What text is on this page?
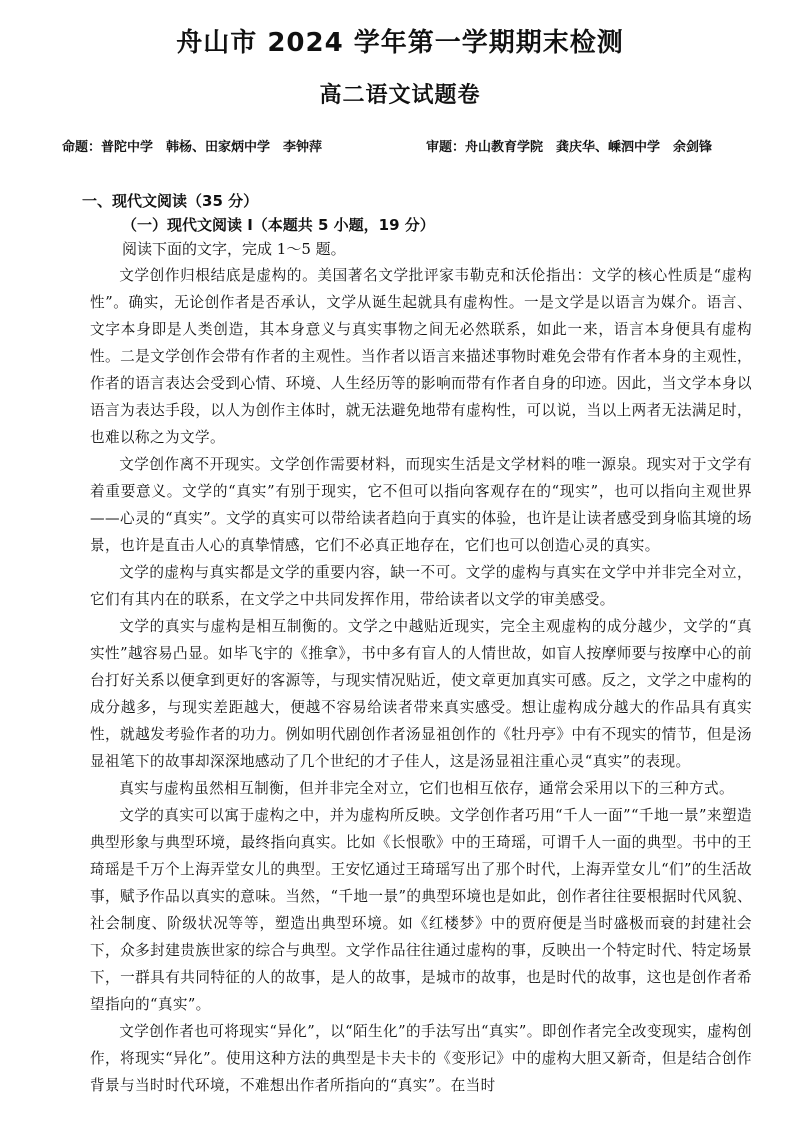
舟山市 2024 学年第一学期期末检测
高二语文试题卷
命题：普陀中学　韩杨、田家炳中学　李钟萍	审题：舟山教育学院　龚庆华、嵊泗中学　余剑锋
一、现代文阅读（35 分）
（一）现代文阅读 I（本题共 5 小题，19 分）
阅读下面的文字，完成 1～5 题。

文学创作归根结底是虚构的。美国著名文学批评家韦勒克和沃伦指出：文学的核心性质是“虚构性”。确实，无论创作者是否承认，文学从诞生起就具有虚构性。一是文学是以语言为媒介。语言、文字本身即是人类创造，其本身意义与真实事物之间无必然联系，如此一来，语言本身便具有虚构性。二是文学创作会带有作者的主观性。当作者以语言来描述事物时难免会带有作者本身的主观性，作者的语言表达会受到心情、环境、人生经历等的影响而带有作者自身的印迹。因此，当文学本身以语言为表达手段，以人为创作主体时，就无法避免地带有虚构性，可以说，当以上两者无法满足时，也难以称之为文学。

文学创作离不开现实。文学创作需要材料，而现实生活是文学材料的唯一源泉。现实对于文学有着重要意义。文学的“真实”有别于现实，它不但可以指向客观存在的“现实”，也可以指向主观世界——心灵的“真实”。文学的真实可以带给读者趋向于真实的体验，也许是让读者感受到身临其境的场景，也许是直击人心的真挚情感，它们不必真正地存在，它们也可以创造心灵的真实。

文学的虚构与真实都是文学的重要内容，缺一不可。文学的虚构与真实在文学中并非完全对立，它们有其内在的联系，在文学之中共同发挥作用，带给读者以文学的审美感受。

文学的真实与虚构是相互制衡的。文学之中越贴近现实，完全主观虚构的成分越少，文学的“真实性”越容易凸显。如毕飞宇的《推拿》，书中多有盲人的人情世故，如盲人按摩师要与按摩中心的前台打好关系以便拿到更好的客源等，与现实情况贴近，使文章更加真实可感。反之，文学之中虚构的成分越多，与现实差距越大，便越不容易给读者带来真实感受。想让虚构成分越大的作品具有真实性，就越发考验作者的功力。例如明代剧创作者汤显祖创作的《牡丹亭》中有不现实的情节，但是汤显祖笔下的故事却深深地感动了几个世纪的才子佳人，这是汤显祖注重心灵“真实”的表现。

真实与虚构虽然相互制衡，但并非完全对立，它们也相互依存，通常会采用以下的三种方式。

文学的真实可以寓于虚构之中，并为虚构所反映。文学创作者巧用“千人一面”“千地一景”来塑造典型形象与典型环境，最终指向真实。比如《长恨歌》中的王琦瑶，可谓千人一面的典型。书中的王琦瑶是千万个上海弄堂女儿的典型。王安忆通过王琦瑶写出了那个时代，上海弄堂女儿“们”的生活故事，赋予作品以真实的意味。当然，“千地一景”的典型环境也是如此，创作者往往要根据时代风貌、社会制度、阶级状况等等，塑造出典型环境。如《红楼梦》中的贾府便是当时盛极而衰的封建社会下，众多封建贵族世家的综合与典型。文学作品往往通过虚构的事，反映出一个特定时代、特定场景下，一群具有共同特征的人的故事，是人的故事，是城市的故事，也是时代的故事，这也是创作者希望指向的“真实”。

文学创作者也可将现实“异化”，以“陌生化”的手法写出“真实”。即创作者完全改变现实，虚构创作，将现实“异化”。使用这种方法的典型是卡夫卡的《变形记》中的虚构大胆又新奇，但是结合创作背景与当时时代环境，不难想出作者所指向的“真实”。在当时
